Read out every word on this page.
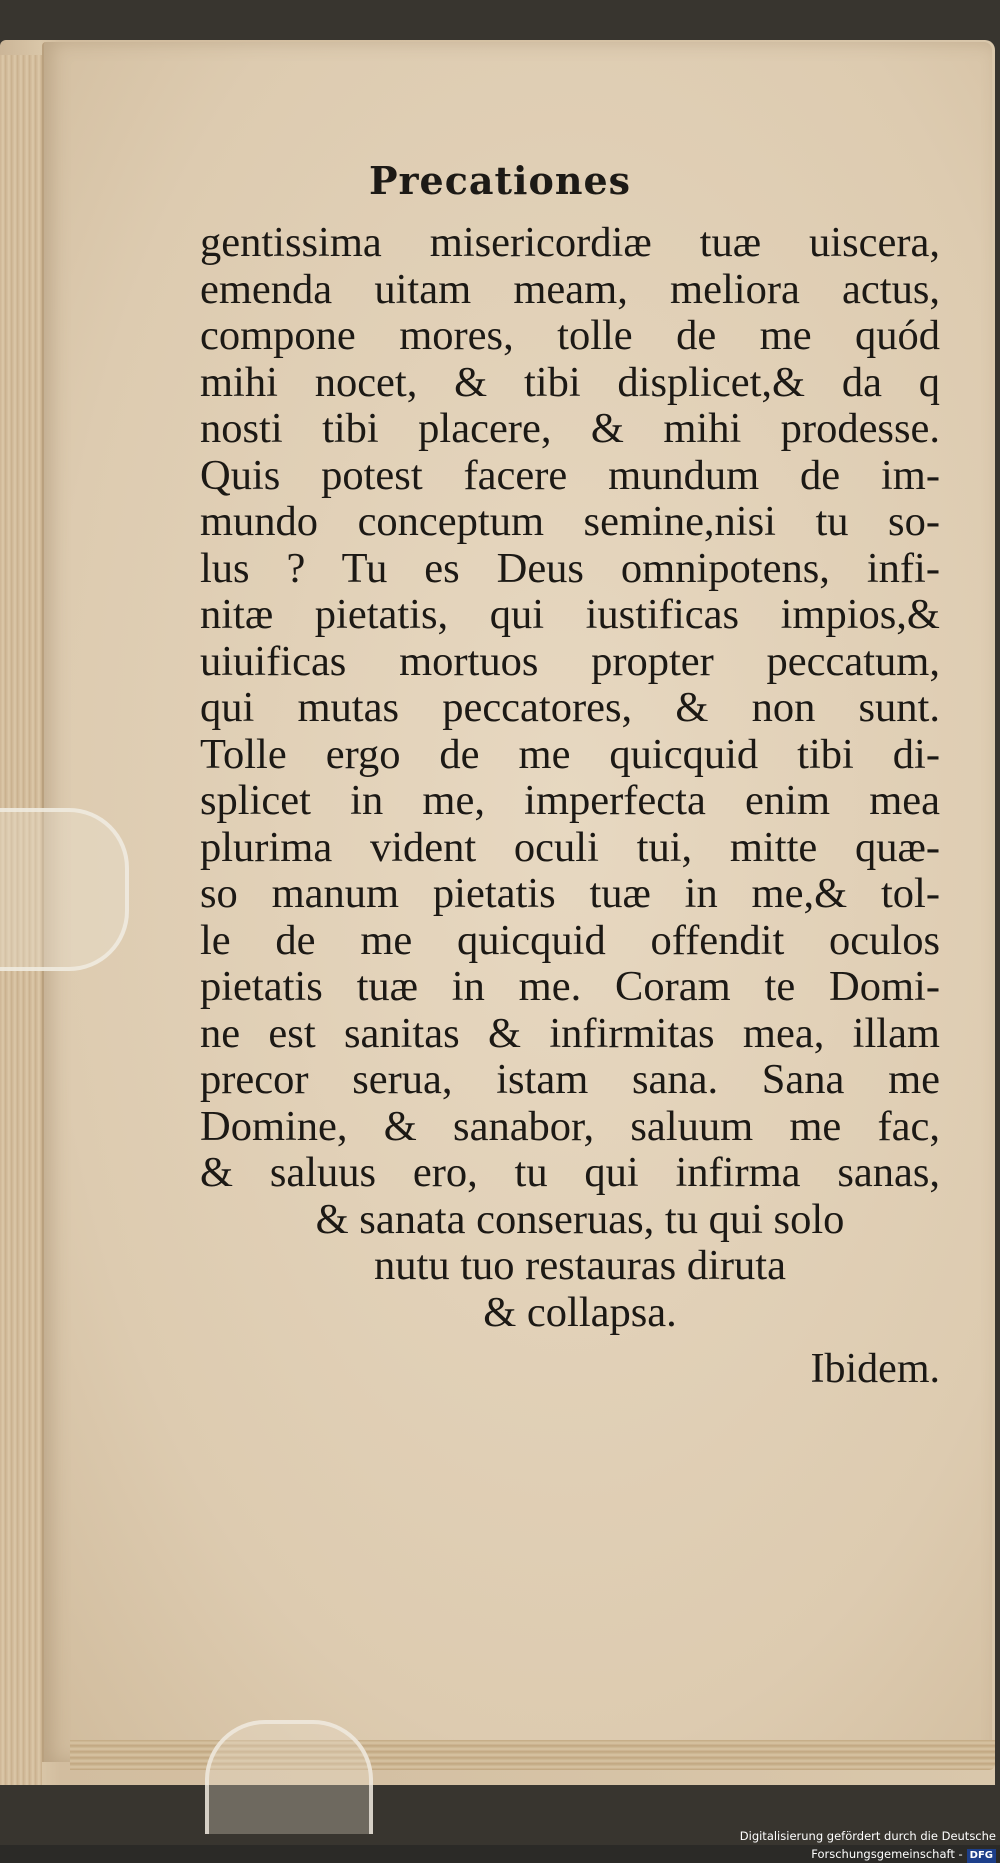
Precationes
gentissima misericordiæ tuæ uiscera,
emenda uitam meam, meliora actus,
compone mores, tolle de me quód
mihi nocet, & tibi displicet,& da q
nosti tibi placere, & mihi prodesse.
Quis potest facere mundum de im-
mundo conceptum semine,nisi tu so-
lus ? Tu es Deus omnipotens, infi-
nitæ pietatis, qui iustificas impios,&
uiuificas mortuos propter peccatum,
qui mutas peccatores, & non sunt.
Tolle ergo de me quicquid tibi di-
splicet in me, imperfecta enim mea
plurima vident oculi tui, mitte quæ-
so manum pietatis tuæ in me,& tol-
le de me quicquid offendit oculos
pietatis tuæ in me. Coram te Domi-
ne est sanitas & infirmitas mea, illam
precor serua, istam sana. Sana me
Domine, & sanabor, saluum me fac,
& saluus ero, tu qui infirma sanas,
& sanata conseruas, tu qui solo
nutu tuo restauras diruta
& collapsa.
Ibidem.
Digitalisierung gefördert durch die Deutsche Forschungsgemeinschaft - DFG
